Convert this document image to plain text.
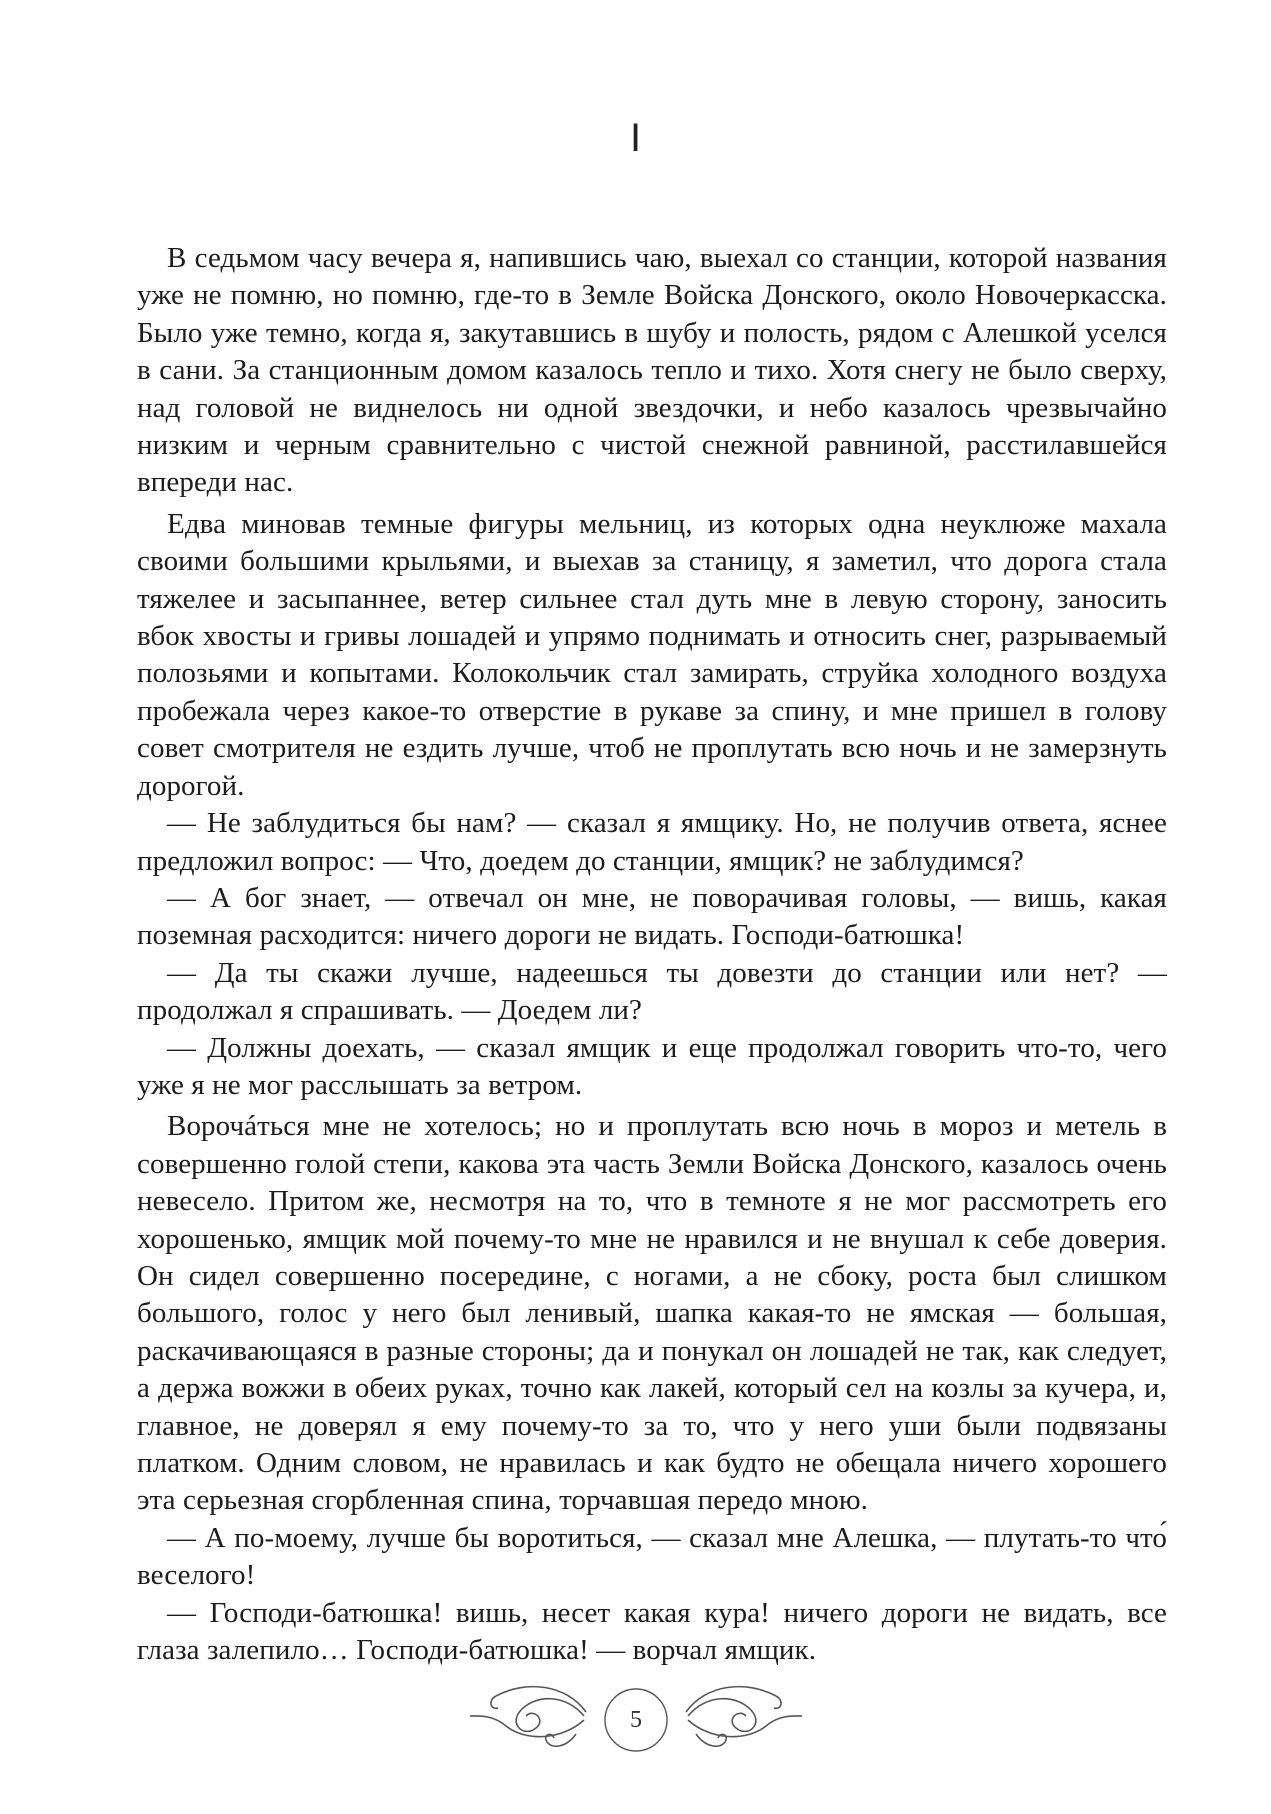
I

В седьмом часу вечера я, напившись чаю, выехал со станции, которой названия уже не помню, но помню, где-то в Земле Войска Донского, около Новочеркасска. Было уже темно, когда я, закутавшись в шубу и полость, рядом с Алешкой уселся в сани. За станционным домом казалось тепло и тихо. Хотя снегу не было сверху, над головой не виднелось ни одной звездочки, и небо казалось чрезвычайно низким и черным сравнительно с чистой снежной равниной, расстилавшейся впереди нас.

Едва миновав темные фигуры мельниц, из которых одна неуклюже махала своими большими крыльями, и выехав за станицу, я заметил, что дорога стала тяжелее и засыпаннее, ветер сильнее стал дуть мне в левую сторону, заносить вбок хвосты и гривы лошадей и упрямо поднимать и относить снег, разрываемый полозьями и копытами. Колокольчик стал замирать, струйка холодного воздуха пробежала через какое-то отверстие в рукаве за спину, и мне пришел в голову совет смотрителя не ездить лучше, чтоб не проплутать всю ночь и не замерзнуть дорогой.

— Не заблудиться бы нам? — сказал я ямщику. Но, не получив ответа, яснее предложил вопрос: — Что, доедем до станции, ямщик? не заблудимся?

— А бог знает, — отвечал он мне, не поворачивая головы, — вишь, какая поземная расходится: ничего дороги не видать. Господи-батюшка!

— Да ты скажи лучше, надеешься ты довезти до станции или нет? — продолжал я спрашивать. — Доедем ли?

— Должны доехать, — сказал ямщик и еще продолжал говорить что-то, чего уже я не мог расслышать за ветром.

Ворочáться мне не хотелось; но и проплутать всю ночь в мороз и метель в совершенно голой степи, какова эта часть Земли Войска Донского, казалось очень невесело. Притом же, несмотря на то, что в темноте я не мог рассмотреть его хорошенько, ямщик мой почему-то мне не нравился и не внушал к себе доверия. Он сидел совершенно посередине, с ногами, а не сбоку, роста был слишком большого, голос у него был ленивый, шапка какая-то не ямская — большая, раскачивающаяся в разные стороны; да и понукал он лошадей не так, как следует, а держа вожжи в обеих руках, точно как лакей, который сел на козлы за кучера, и, главное, не доверял я ему почему-то за то, что у него уши были подвязаны платком. Одним словом, не нравилась и как будто не обещала ничего хорошего эта серьезная сгорбленная спина, торчавшая передо мною.

— А по-моему, лучше бы воротиться, — сказал мне Алешка, — плутать-то что́ веселого!

— Господи-батюшка! вишь, несет какая кура! ничего дороги не видать, все глаза залепило… Господи-батюшка! — ворчал ямщик.

5
